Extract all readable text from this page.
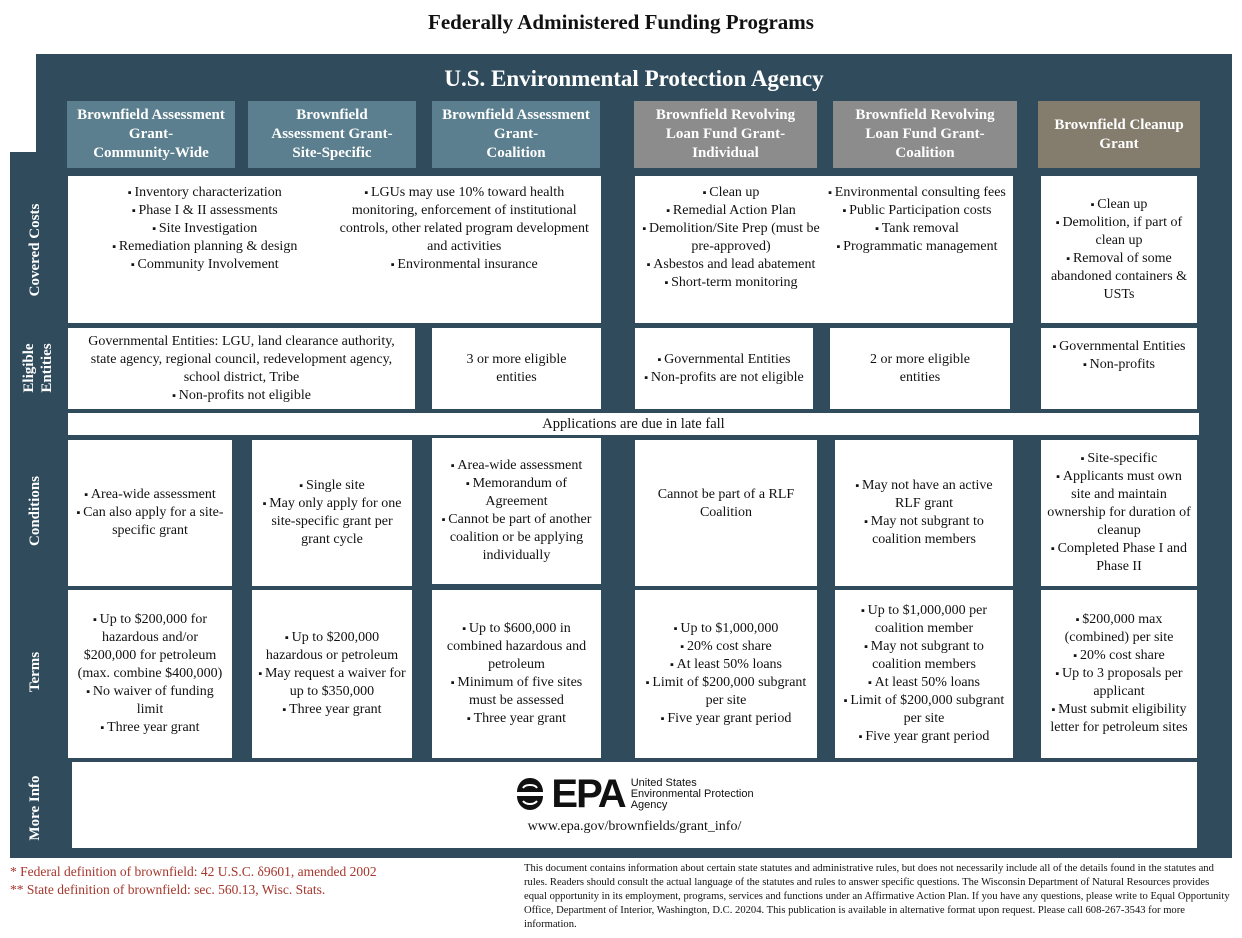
Federally Administered Funding Programs
U.S. Environmental Protection Agency
Brownfield Assessment
Grant-
Community-Wide
Brownfield
Assessment Grant-
Site-Specific
Brownfield Assessment
Grant-
Coalition
Brownfield Revolving
Loan Fund Grant-
Individual
Brownfield Revolving
Loan Fund Grant-
Coalition
Brownfield Cleanup
Grant
Covered Costs
Eligible Entities
Conditions
Terms
More Info
▪ Inventory characterization
▪ Phase I & II assessments
▪ Site Investigation
▪ Remediation planning & design
▪ Community Involvement
▪ LGUs may use 10% toward health monitoring, enforcement of institutional controls, other related program development and activities
▪ Environmental insurance
▪ Clean up
▪ Remedial Action Plan
▪ Demolition/Site Prep (must be pre-approved)
▪ Asbestos and lead abatement
▪ Short-term monitoring
▪ Environmental consulting fees
▪ Public Participation costs
▪ Tank removal
▪ Programmatic management
▪ Clean up
▪ Demolition, if part of clean up
▪ Removal of some abandoned containers & USTs
Governmental Entities: LGU, land clearance authority, state agency, regional council, redevelopment agency, school district, Tribe
▪ Non-profits not eligible
3 or more eligible entities
▪ Governmental Entities
▪ Non-profits are not eligible
2 or more eligible entities
▪ Governmental Entities
▪ Non-profits
Applications are due in late fall
▪ Area-wide assessment
▪ Can also apply for a site- specific grant
▪ Single site
▪ May only apply for one site-specific grant per grant cycle
▪ Area-wide assessment
▪ Memorandum of Agreement
▪ Cannot be part of another coalition or be applying individually
Cannot be part of a RLF Coalition
▪ May not have an active RLF grant
▪ May not subgrant to coalition members
▪ Site-specific
▪ Applicants must own site and maintain ownership for duration of cleanup
▪ Completed Phase I and Phase II
▪ Up to $200,000 for hazardous and/or $200,000 for petroleum (max. combine $400,000)
▪ No waiver of funding limit
▪ Three year grant
▪ Up to $200,000 hazardous or petroleum
▪ May request a waiver for up to $350,000
▪ Three year grant
▪ Up to $600,000 in combined hazardous and petroleum
▪ Minimum of five sites must be assessed
▪ Three year grant
▪ Up to $1,000,000
▪ 20% cost share
▪ At least 50% loans
▪ Limit of $200,000 subgrant per site
▪ Five year grant period
▪ Up to $1,000,000 per coalition member
▪ May not subgrant to coalition members
▪ At least 50% loans
▪ Limit of $200,000 subgrant per site
▪ Five year grant period
▪ $200,000 max (combined) per site
▪ 20% cost share
▪ Up to 3 proposals per applicant
▪ Must submit eligibility letter for petroleum sites
EPA United States
Environmental Protection
Agency
www.epa.gov/brownfields/grant_info/
* Federal definition of brownfield: 42 U.S.C. δ9601, amended 2002
** State definition of brownfield: sec. 560.13, Wisc. Stats.
This document contains information about certain state statutes and administrative rules, but does not necessarily include all of the details found in the statutes and rules. Readers should consult the actual language of the statutes and rules to answer specific questions. The Wisconsin Department of Natural Resources provides equal opportunity in its employment, programs, services and functions under an Affirmative Action Plan. If you have any questions, please write to Equal Opportunity Office, Department of Interior, Washington, D.C. 20204. This publication is available in alternative format upon request. Please call 608-267-3543 for more information.
